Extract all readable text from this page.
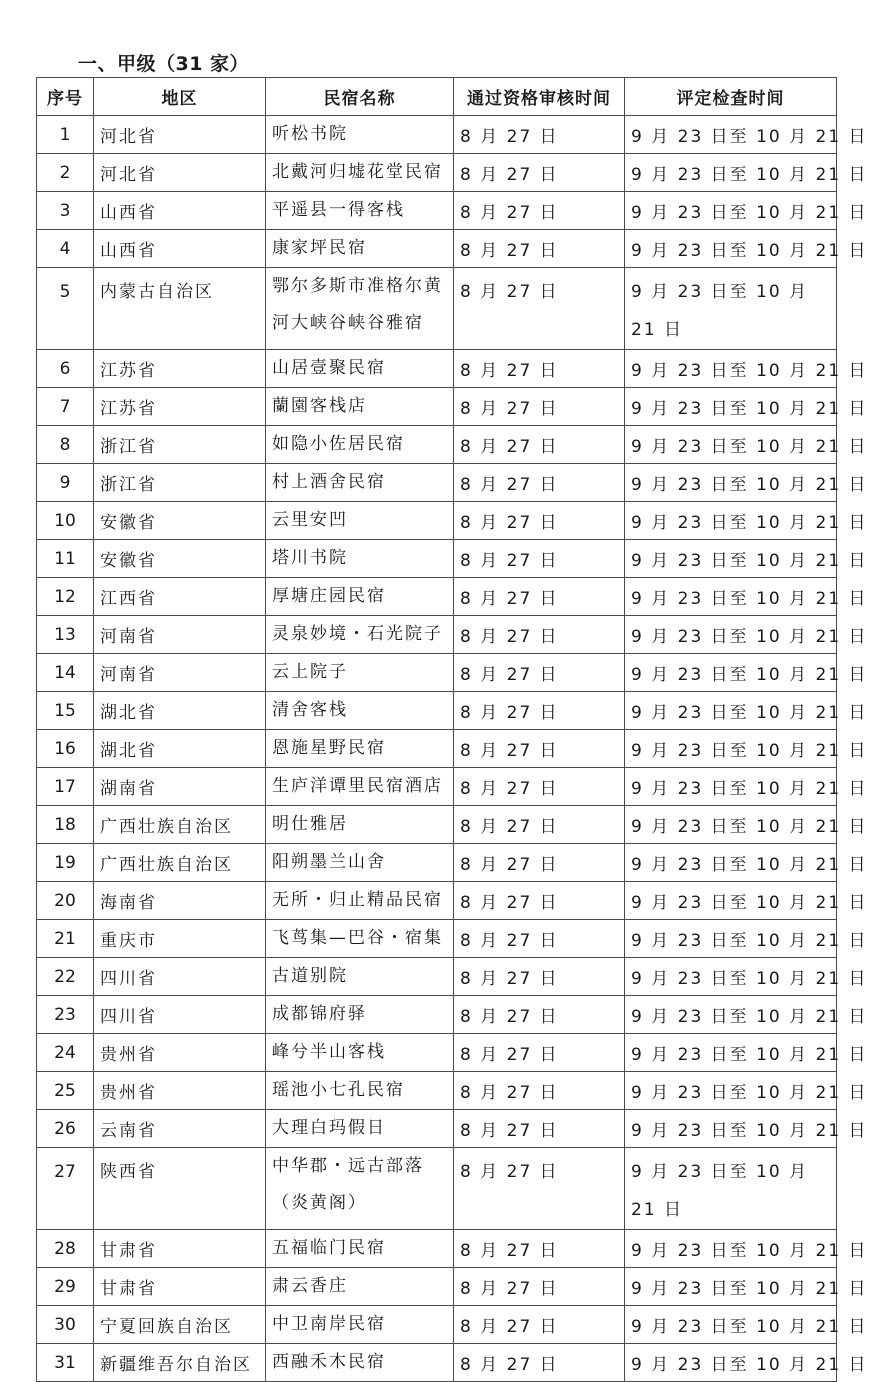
一、甲级（31 家）
序号	地区	民宿名称	通过资格审核时间	评定检查时间
1	河北省	听松书院	8 月 27 日	9 月 23 日至 10 月 21 日
2	河北省	北戴河归墟花堂民宿	8 月 27 日	9 月 23 日至 10 月 21 日
3	山西省	平遥县一得客栈	8 月 27 日	9 月 23 日至 10 月 21 日
4	山西省	康家坪民宿	8 月 27 日	9 月 23 日至 10 月 21 日
5	内蒙古自治区	鄂尔多斯市准格尔黄
河大峡谷峡谷雅宿	8 月 27 日	9 月 23 日至 10 月 21 日
6	江苏省	山居壹聚民宿	8 月 27 日	9 月 23 日至 10 月 21 日
7	江苏省	蘭園客栈店	8 月 27 日	9 月 23 日至 10 月 21 日
8	浙江省	如隐小佐居民宿	8 月 27 日	9 月 23 日至 10 月 21 日
9	浙江省	村上酒舍民宿	8 月 27 日	9 月 23 日至 10 月 21 日
10	安徽省	云里安凹	8 月 27 日	9 月 23 日至 10 月 21 日
11	安徽省	塔川书院	8 月 27 日	9 月 23 日至 10 月 21 日
12	江西省	厚塘庄园民宿	8 月 27 日	9 月 23 日至 10 月 21 日
13	河南省	灵泉妙境・石光院子	8 月 27 日	9 月 23 日至 10 月 21 日
14	河南省	云上院子	8 月 27 日	9 月 23 日至 10 月 21 日
15	湖北省	清舍客栈	8 月 27 日	9 月 23 日至 10 月 21 日
16	湖北省	恩施星野民宿	8 月 27 日	9 月 23 日至 10 月 21 日
17	湖南省	生庐洋谭里民宿酒店	8 月 27 日	9 月 23 日至 10 月 21 日
18	广西壮族自治区	明仕雅居	8 月 27 日	9 月 23 日至 10 月 21 日
19	广西壮族自治区	阳朔墨兰山舍	8 月 27 日	9 月 23 日至 10 月 21 日
20	海南省	无所・归止精品民宿	8 月 27 日	9 月 23 日至 10 月 21 日
21	重庆市	飞茑集—巴谷・宿集	8 月 27 日	9 月 23 日至 10 月 21 日
22	四川省	古道别院	8 月 27 日	9 月 23 日至 10 月 21 日
23	四川省	成都锦府驿	8 月 27 日	9 月 23 日至 10 月 21 日
24	贵州省	峰兮半山客栈	8 月 27 日	9 月 23 日至 10 月 21 日
25	贵州省	瑶池小七孔民宿	8 月 27 日	9 月 23 日至 10 月 21 日
26	云南省	大理白玛假日	8 月 27 日	9 月 23 日至 10 月 21 日
27	陕西省	中华郡・远古部落
（炎黄阁）	8 月 27 日	9 月 23 日至 10 月 21 日
28	甘肃省	五福临门民宿	8 月 27 日	9 月 23 日至 10 月 21 日
29	甘肃省	肃云香庄	8 月 27 日	9 月 23 日至 10 月 21 日
30	宁夏回族自治区	中卫南岸民宿	8 月 27 日	9 月 23 日至 10 月 21 日
31	新疆维吾尔自治区	西融禾木民宿	8 月 27 日	9 月 23 日至 10 月 21 日
